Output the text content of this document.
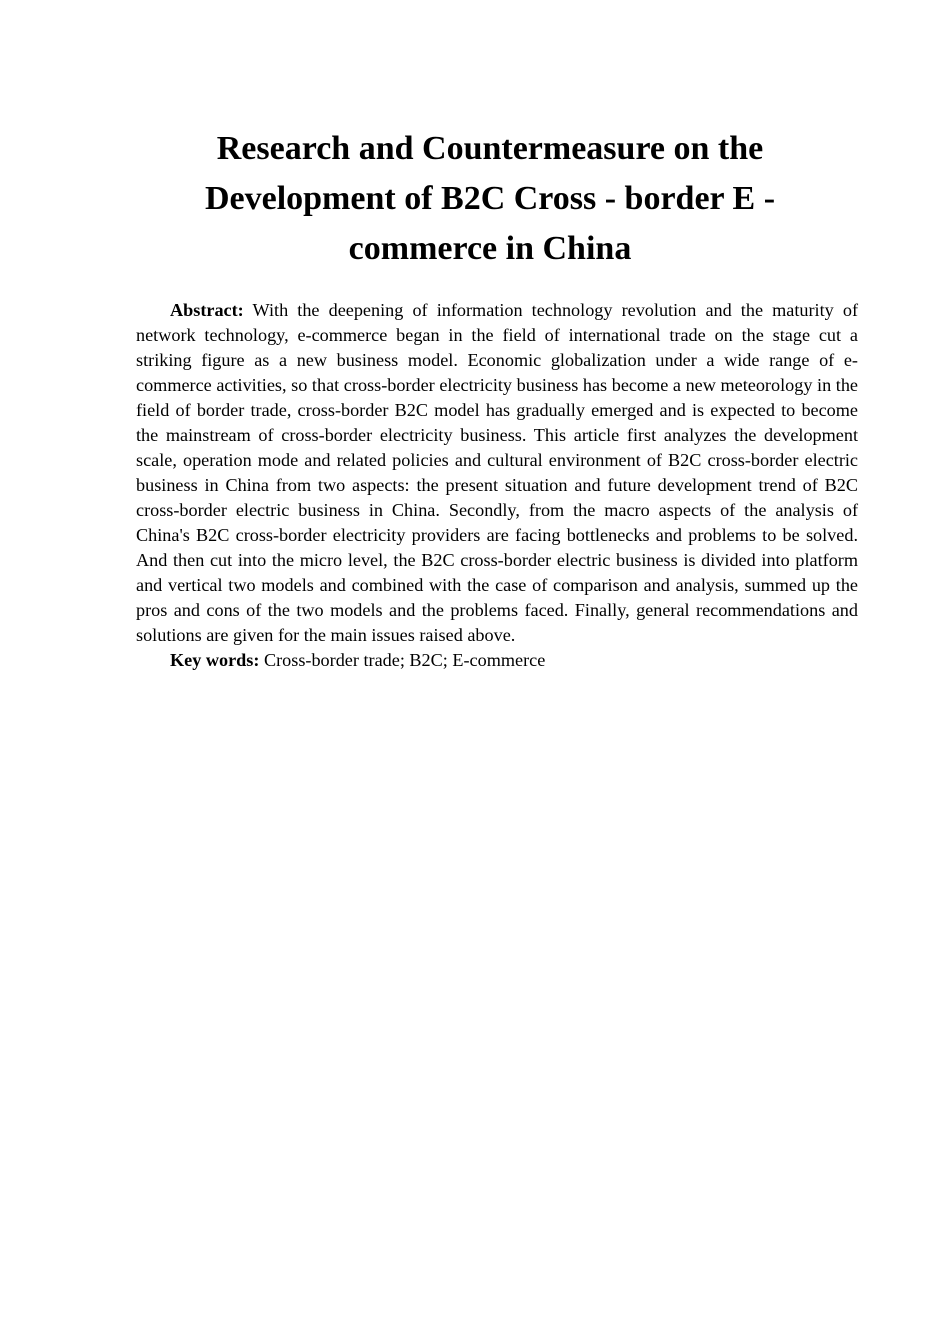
Research and Countermeasure on the
Development of B2C Cross - border E -
commerce in China

Abstract: With the deepening of information technology revolution and the maturity of network technology, e-commerce began in the field of international trade on the stage cut a striking figure as a new business model. Economic globalization under a wide range of e-commerce activities, so that cross-border electricity business has become a new meteorology in the field of border trade, cross-border B2C model has gradually emerged and is expected to become the mainstream of cross-border electricity business. This article first analyzes the development scale, operation mode and related policies and cultural environment of B2C cross-border electric business in China from two aspects: the present situation and future development trend of B2C cross-border electric business in China. Secondly, from the macro aspects of the analysis of China's B2C cross-border electricity providers are facing bottlenecks and problems to be solved. And then cut into the micro level, the B2C cross-border electric business is divided into platform and vertical two models and combined with the case of comparison and analysis, summed up the pros and cons of the two models and the problems faced. Finally, general recommendations and solutions are given for the main issues raised above.

Key words: Cross-border trade; B2C; E-commerce
